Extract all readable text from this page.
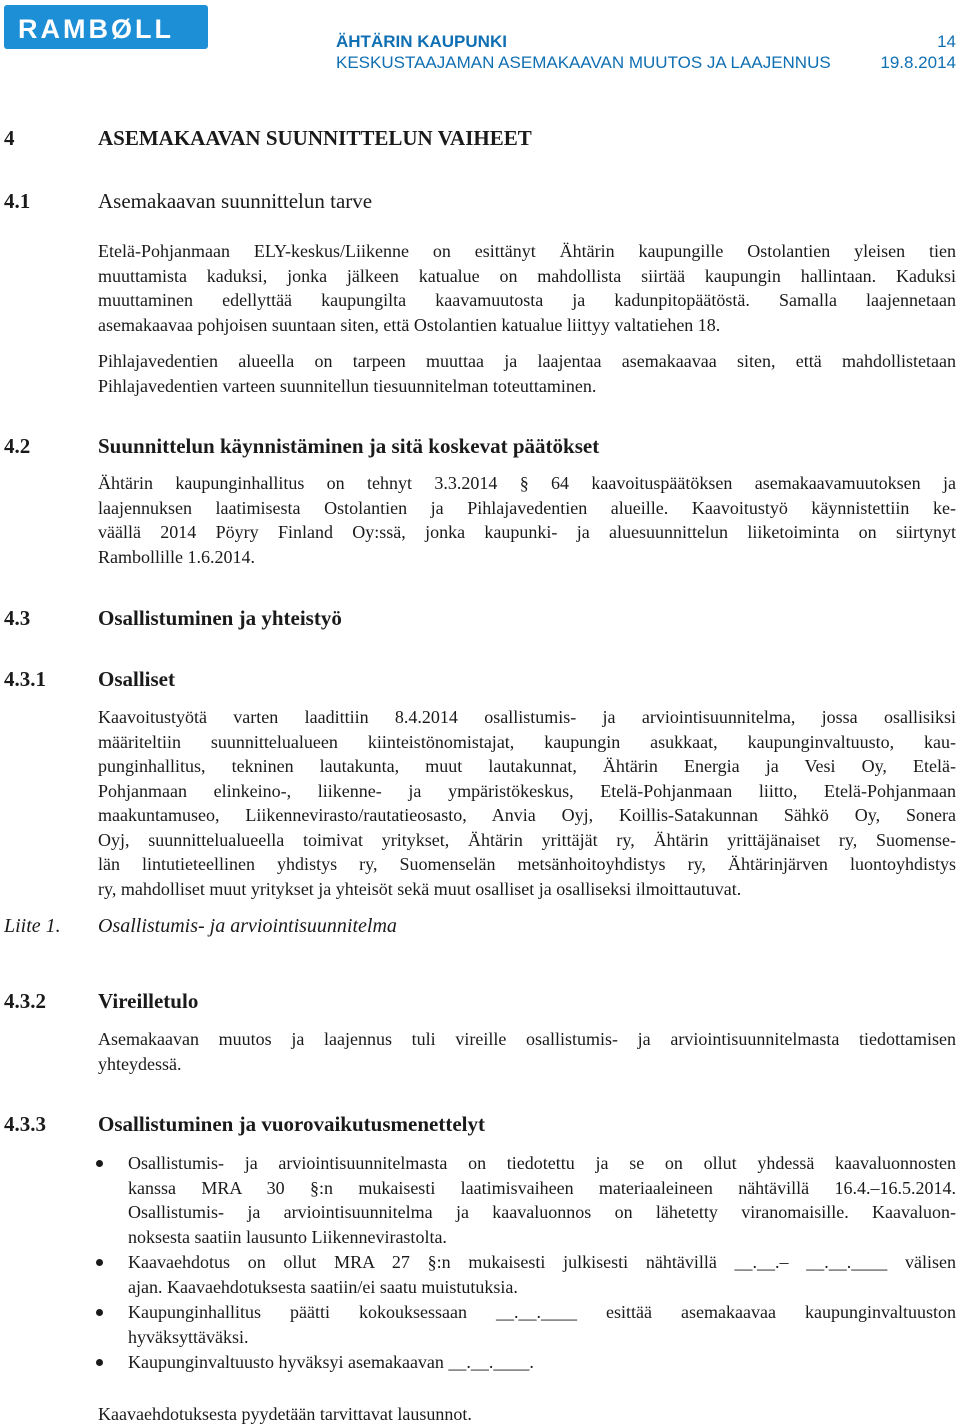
RAMBØLL	ÄHTÄRIN KAUPUNKI	14
KESKUSTAAJAMAN ASEMAKAAVAN MUUTOS JA LAAJENNUS	19.8.2014
4	ASEMAKAAVAN SUUNNITTELUN VAIHEET
4.1	Asemakaavan suunnittelun tarve
Etelä-Pohjanmaan ELY-keskus/Liikenne on esittänyt Ähtärin kaupungille Ostolantien yleisen tien
muuttamista kaduksi, jonka jälkeen katualue on mahdollista siirtää kaupungin hallintaan. Kaduksi
muuttaminen edellyttää kaupungilta kaavamuutosta ja kadunpitopäätöstä. Samalla laajennetaan
asemakaavaa pohjoisen suuntaan siten, että Ostolantien katualue liittyy valtatiehen 18.
Pihlajavedentien alueella on tarpeen muuttaa ja laajentaa asemakaavaa siten, että mahdollistetaan
Pihlajavedentien varteen suunnitellun tiesuunnitelman toteuttaminen.
4.2	Suunnittelun käynnistäminen ja sitä koskevat päätökset
Ähtärin kaupunginhallitus on tehnyt 3.3.2014 § 64 kaavoituspäätöksen asemakaavamuutoksen ja
laajennuksen laatimisesta Ostolantien ja Pihlajavedentien alueille. Kaavoitustyö käynnistettiin ke-
väällä 2014 Pöyry Finland Oy:ssä, jonka kaupunki- ja aluesuunnittelun liiketoiminta on siirtynyt
Rambollille 1.6.2014.
4.3	Osallistuminen ja yhteistyö
4.3.1 Osalliset
Kaavoitustyötä varten laadittiin 8.4.2014 osallistumis- ja arviointisuunnitelma, jossa osallisiksi
määriteltiin suunnittelualueen kiinteistönomistajat, kaupungin asukkaat, kaupunginvaltuusto, kau-
punginhallitus, tekninen lautakunta, muut lautakunnat, Ähtärin Energia ja Vesi Oy, Etelä-
Pohjanmaan elinkeino-, liikenne- ja ympäristökeskus, Etelä-Pohjanmaan liitto, Etelä-Pohjanmaan
maakuntamuseo, Liikennevirasto/rautatieosasto, Anvia Oyj, Koillis-Satakunnan Sähkö Oy, Sonera
Oyj, suunnittelualueella toimivat yritykset, Ähtärin yrittäjät ry, Ähtärin yrittäjänaiset ry, Suomense-
län lintutieteellinen yhdistys ry, Suomenselän metsänhoitoyhdistys ry, Ähtärinjärven luontoyhdistys
ry, mahdolliset muut yritykset ja yhteisöt sekä muut osalliset ja osalliseksi ilmoittautuvat.
Liite 1. Osallistumis- ja arviointisuunnitelma
4.3.2 Vireilletulo
Asemakaavan muutos ja laajennus tuli vireille osallistumis- ja arviointisuunnitelmasta tiedottamisen
yhteydessä.
4.3.3 Osallistuminen ja vuorovaikutusmenettelyt
Osallistumis- ja arviointisuunnitelmasta on tiedotettu ja se on ollut yhdessä kaavaluonnosten
kanssa MRA 30 §:n mukaisesti laatimisvaiheen materiaaleineen nähtävillä 16.4.–16.5.2014.
Osallistumis- ja arviointisuunnitelma ja kaavaluonnos on lähetetty viranomaisille. Kaavaluon-
noksesta saatiin lausunto Liikennevirastolta.
Kaavaehdotus on ollut MRA 27 §:n mukaisesti julkisesti nähtävillä __.__.– __.__.____ välisen
ajan. Kaavaehdotuksesta saatiin/ei saatu muistutuksia.
Kaupunginhallitus päätti kokouksessaan __.__.____ esittää asemakaavaa kaupunginvaltuuston
hyväksyttäväksi.
Kaupunginvaltuusto hyväksyi asemakaavan __.__.____.
Kaavaehdotuksesta pyydetään tarvittavat lausunnot.
